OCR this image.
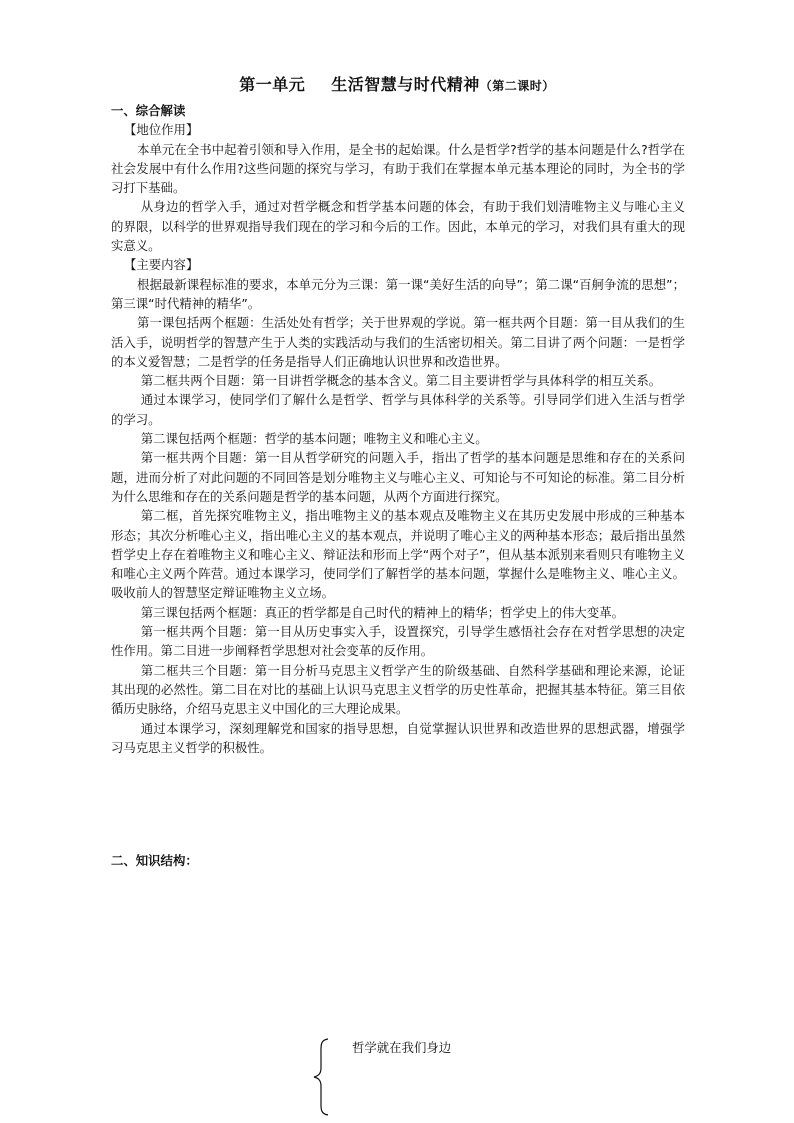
第一单元 生活智慧与时代精神（第二课时）

一、综合解读

【地位作用】

本单元在全书中起着引领和导入作用，是全书的起始课。什么是哲学?哲学的基本问题是什么?哲学在社会发展中有什么作用?这些问题的探究与学习，有助于我们在掌握本单元基本理论的同时，为全书的学习打下基础。

从身边的哲学入手，通过对哲学概念和哲学基本问题的体会，有助于我们划清唯物主义与唯心主义的界限，以科学的世界观指导我们现在的学习和今后的工作。因此，本单元的学习，对我们具有重大的现实意义。

【主要内容】

根据最新课程标准的要求，本单元分为三课：第一课“美好生活的向导”；第二课“百舸争流的思想”；第三课“时代精神的精华”。

第一课包括两个框题：生活处处有哲学；关于世界观的学说。第一框共两个目题：第一目从我们的生活入手，说明哲学的智慧产生于人类的实践活动与我们的生活密切相关。第二目讲了两个问题：一是哲学的本义爱智慧；二是哲学的任务是指导人们正确地认识世界和改造世界。

第二框共两个目题：第一目讲哲学概念的基本含义。第二目主要讲哲学与具体科学的相互关系。

通过本课学习，使同学们了解什么是哲学、哲学与具体科学的关系等。引导同学们进入生活与哲学的学习。

第二课包括两个框题：哲学的基本问题；唯物主义和唯心主义。

第一框共两个目题：第一目从哲学研究的问题入手，指出了哲学的基本问题是思维和存在的关系问题，进而分析了对此问题的不同回答是划分唯物主义与唯心主义、可知论与不可知论的标准。第二目分析为什么思维和存在的关系问题是哲学的基本问题，从两个方面进行探究。

第二框，首先探究唯物主义，指出唯物主义的基本观点及唯物主义在其历史发展中形成的三种基本形态；其次分析唯心主义，指出唯心主义的基本观点，并说明了唯心主义的两种基本形态；最后指出虽然哲学史上存在着唯物主义和唯心主义、辩证法和形而上学“两个对子”，但从基本派别来看则只有唯物主义和唯心主义两个阵营。通过本课学习，使同学们了解哲学的基本问题，掌握什么是唯物主义、唯心主义。吸收前人的智慧坚定辩证唯物主义立场。

第三课包括两个框题：真正的哲学都是自己时代的精神上的精华；哲学史上的伟大变革。

第一框共两个目题：第一目从历史事实入手，设置探究，引导学生感悟社会存在对哲学思想的决定性作用。第二目进一步阐释哲学思想对社会变革的反作用。

第二框共三个目题：第一目分析马克思主义哲学产生的阶级基础、自然科学基础和理论来源，论证其出现的必然性。第二目在对比的基础上认识马克思主义哲学的历史性革命，把握其基本特征。第三目依循历史脉络，介绍马克思主义中国化的三大理论成果。

通过本课学习，深刻理解党和国家的指导思想，自觉掌握认识世界和改造世界的思想武器，增强学习马克思主义哲学的积极性。

二、知识结构：
哲学就在我们身边
